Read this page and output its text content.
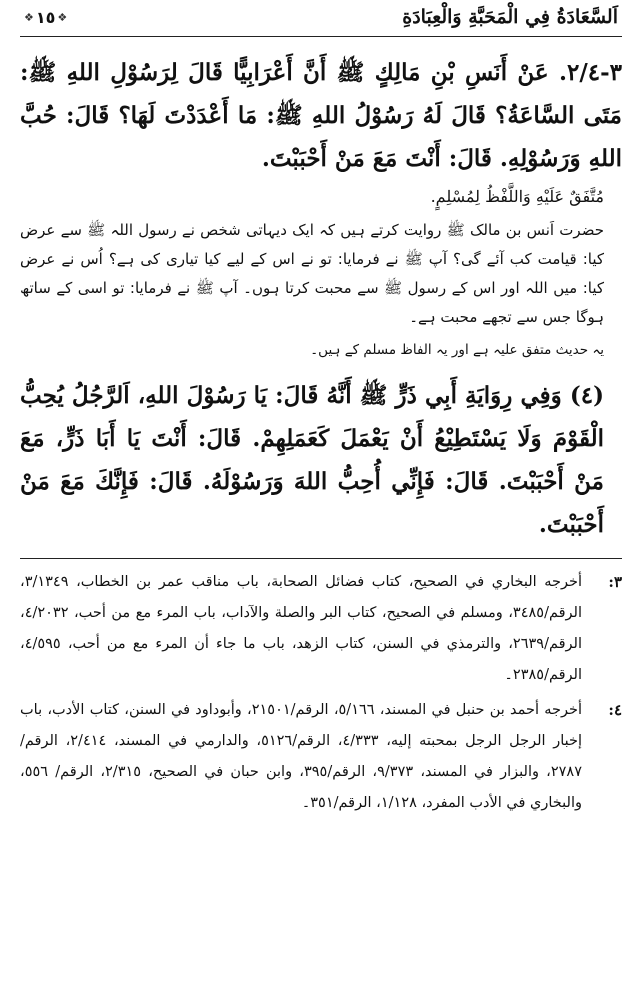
اَلسَّعَادَةُ فِي الْمَحَبَّةِ وَالْعِبَادَةِ
❖ ١٥ ❖

٣-٢/٤. عَنْ أَنَسِ بْنِ مَالِكٍ ﷺ أَنَّ أَعْرَابِيًّا قَالَ لِرَسُوْلِ اللهِ ﷺ: مَتَى السَّاعَةُ؟ قَالَ لَهُ رَسُوْلُ اللهِ ﷺ: مَا أَعْدَدْتَ لَهَا؟ قَالَ: حُبَّ اللهِ وَرَسُوْلِهِ. قَالَ: أَنْتَ مَعَ مَنْ أَحْبَبْتَ.

مُتَّفَقٌ عَلَيْهِ وَاللَّفْظُ لِمُسْلِمٍ.

حضرت اَنس بن مالک ﷺ روایت کرتے ہیں کہ ایک دیہاتی شخص نے رسول اللہ ﷺ سے عرض کیا: قیامت کب آئے گی؟ آپ ﷺ نے فرمایا: تو نے اس کے لیے کیا تیاری کی ہے؟ اُس نے عرض کیا: میں اللہ اور اس کے رسول ﷺ سے محبت کرتا ہوں۔ آپ ﷺ نے فرمایا: تو اسی کے ساتھ ہوگا جس سے تجھے محبت ہے۔

یہ حدیث متفق علیہ ہے اور یہ الفاظ مسلم کے ہیں۔

(٤) وَفِي رِوَايَةِ أَبِي ذَرٍّ ﷺ أَنَّهُ قَالَ: يَا رَسُوْلَ اللهِ، اَلرَّجُلُ يُحِبُّ الْقَوْمَ وَلَا يَسْتَطِيْعُ أَنْ يَعْمَلَ كَعَمَلِهِمْ. قَالَ: أَنْتَ يَا أَبَا ذَرٍّ، مَعَ مَنْ أَحْبَبْتَ. قَالَ: فَإِنِّي أُحِبُّ اللهَ وَرَسُوْلَهُ. قَالَ: فَإِنَّكَ مَعَ مَنْ أَحْبَبْتَ.

٣:
أخرجه البخاري في الصحيح، كتاب فضائل الصحابة، باب مناقب عمر بن الخطاب، ٣/١٣٤٩، الرقم/٣٤٨٥، ومسلم في الصحيح، كتاب البر والصلة والآداب، باب المرء مع من أحب، ٤/٢٠٣٢، الرقم/٢٦٣٩، والترمذي في السنن، كتاب الزهد، باب ما جاء أن المرء مع من أحب، ٤/٥٩٥، الرقم/٢٣٨٥۔
٤:
أخرجه أحمد بن حنبل في المسند، ٥/١٦٦، الرقم/٢١٥٠١، وأبوداود في السنن، كتاب الأدب، باب إخبار الرجل الرجل بمحبته إليه، ٤/٣٣٣، الرقم/٥١٢٦، والدارمي في المسند، ٢/٤١٤، الرقم/٢٧٨٧، والبزار في المسند، ٩/٣٧٣، الرقم/٣٩٥، وابن حبان في الصحيح، ٢/٣١٥، الرقم/ ٥٥٦، والبخاري في الأدب المفرد، ١/١٢٨، الرقم/٣٥١۔
